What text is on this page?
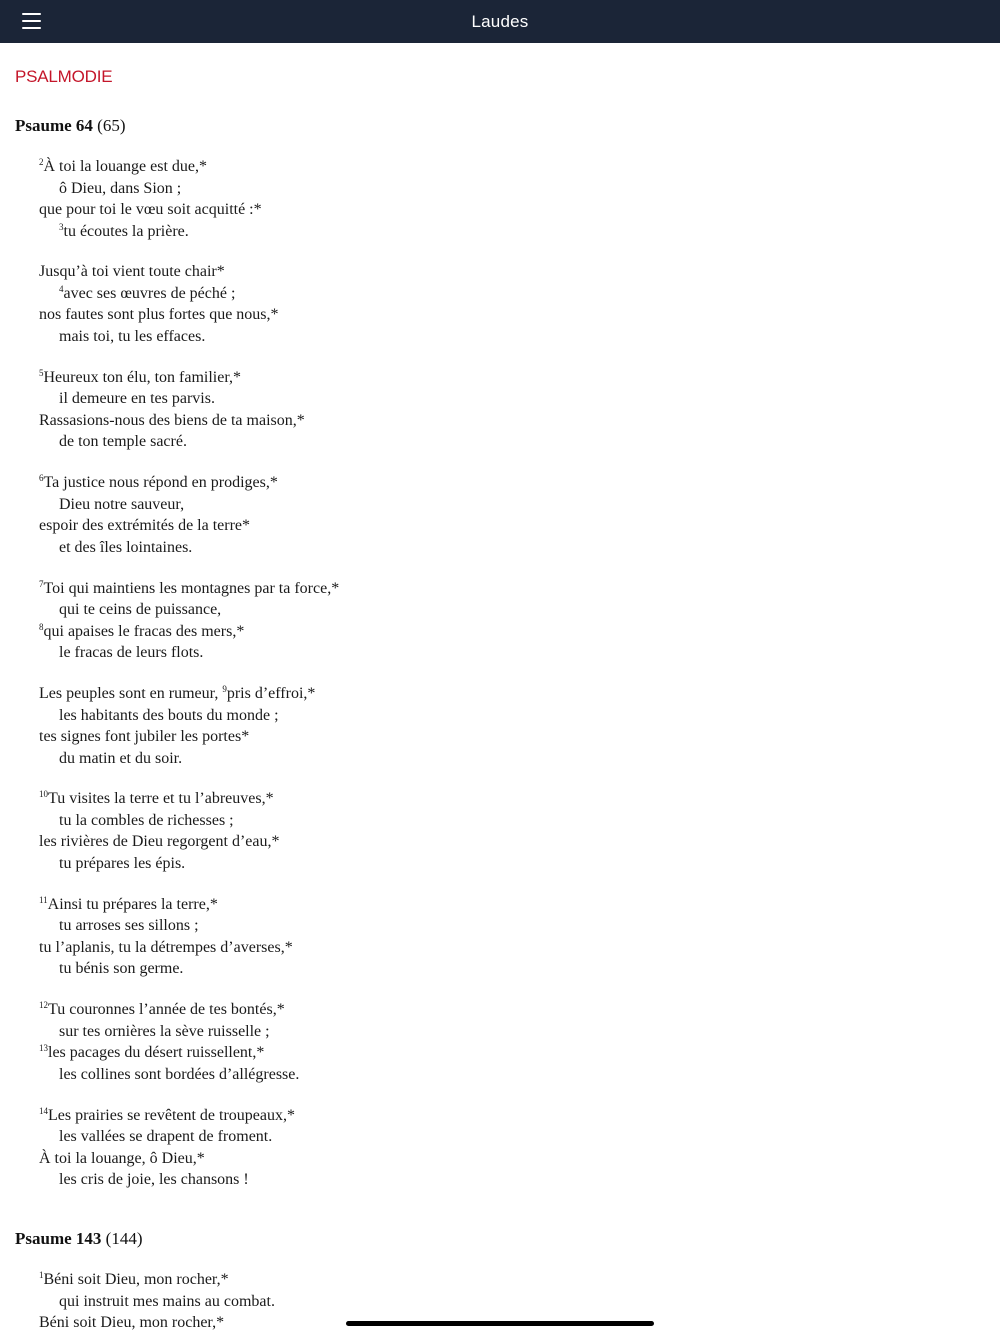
Laudes
PSALMODIE
Psaume 64 (65)
$^2$À toi la louange est due,*
ô Dieu, dans Sion ;
que pour toi le vœu soit acquitté :*
$^3$tu écoutes la prière.
Jusqu’à toi vient toute chair*
$^4$avec ses œuvres de péché ;
nos fautes sont plus fortes que nous,*
mais toi, tu les effaces.
$^5$Heureux ton élu, ton familier,*
il demeure en tes parvis.
Rassasions-nous des biens de ta maison,*
de ton temple sacré.
$^6$Ta justice nous répond en prodiges,*
Dieu notre sauveur,
espoir des extrémités de la terre*
et des îles lointaines.
$^7$Toi qui maintiens les montagnes par ta force,*
qui te ceins de puissance,
$^8$qui apaises le fracas des mers,*
le fracas de leurs flots.
Les peuples sont en rumeur, $^9$pris d’effroi,*
les habitants des bouts du monde ;
tes signes font jubiler les portes*
du matin et du soir.
$^{10}$Tu visites la terre et tu l’abreuves,*
tu la combles de richesses ;
les rivières de Dieu regorgent d’eau,*
tu prépares les épis.
$^{11}$Ainsi tu prépares la terre,*
tu arroses ses sillons ;
tu l’aplanis, tu la détrempes d’averses,*
tu bénis son germe.
$^{12}$Tu couronnes l’année de tes bontés,*
sur tes ornières la sève ruisselle ;
$^{13}$les pacages du désert ruissellent,*
les collines sont bordées d’allégresse.
$^{14}$Les prairies se revêtent de troupeaux,*
les vallées se drapent de froment.
À toi la louange, ô Dieu,*
les cris de joie, les chansons !
Psaume 143 (144)
$^1$Béni soit Dieu, mon rocher,*
qui instruit mes mains au combat.
Béni soit Dieu, mon rocher,*
